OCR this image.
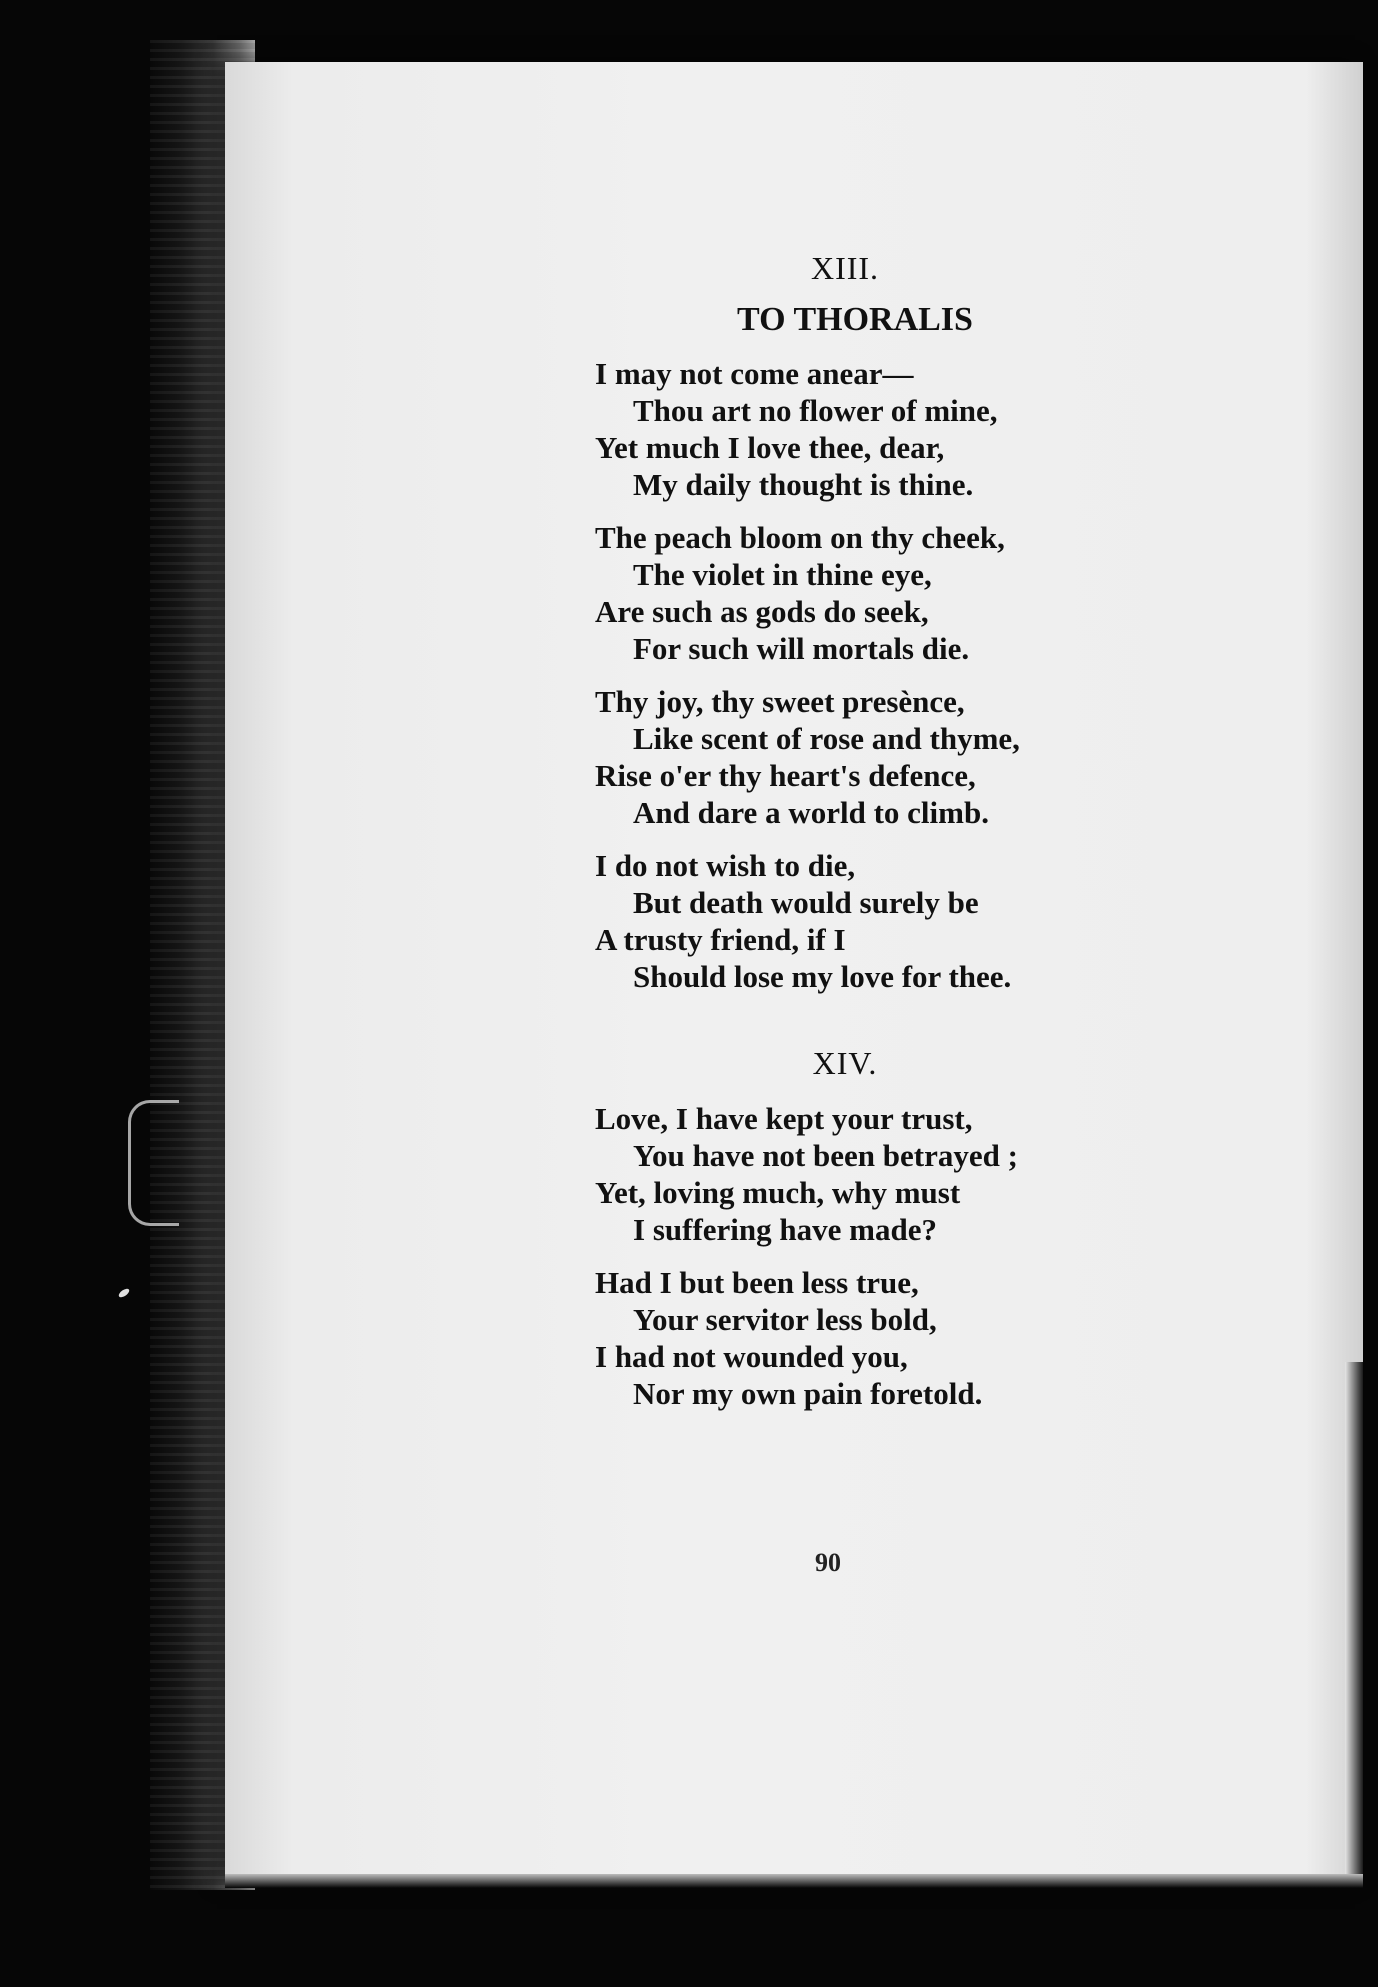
XIII.
TO THORALIS
I may not come anear—
Thou art no flower of mine,
Yet much I love thee, dear,
My daily thought is thine.
The peach bloom on thy cheek,
The violet in thine eye,
Are such as gods do seek,
For such will mortals die.
Thy joy, thy sweet presènce,
Like scent of rose and thyme,
Rise o'er thy heart's defence,
And dare a world to climb.
I do not wish to die,
But death would surely be
A trusty friend, if I
Should lose my love for thee.
XIV.
Love, I have kept your trust,
You have not been betrayed ;
Yet, loving much, why must
I suffering have made?
Had I but been less true,
Your servitor less bold,
I had not wounded you,
Nor my own pain foretold.
90
